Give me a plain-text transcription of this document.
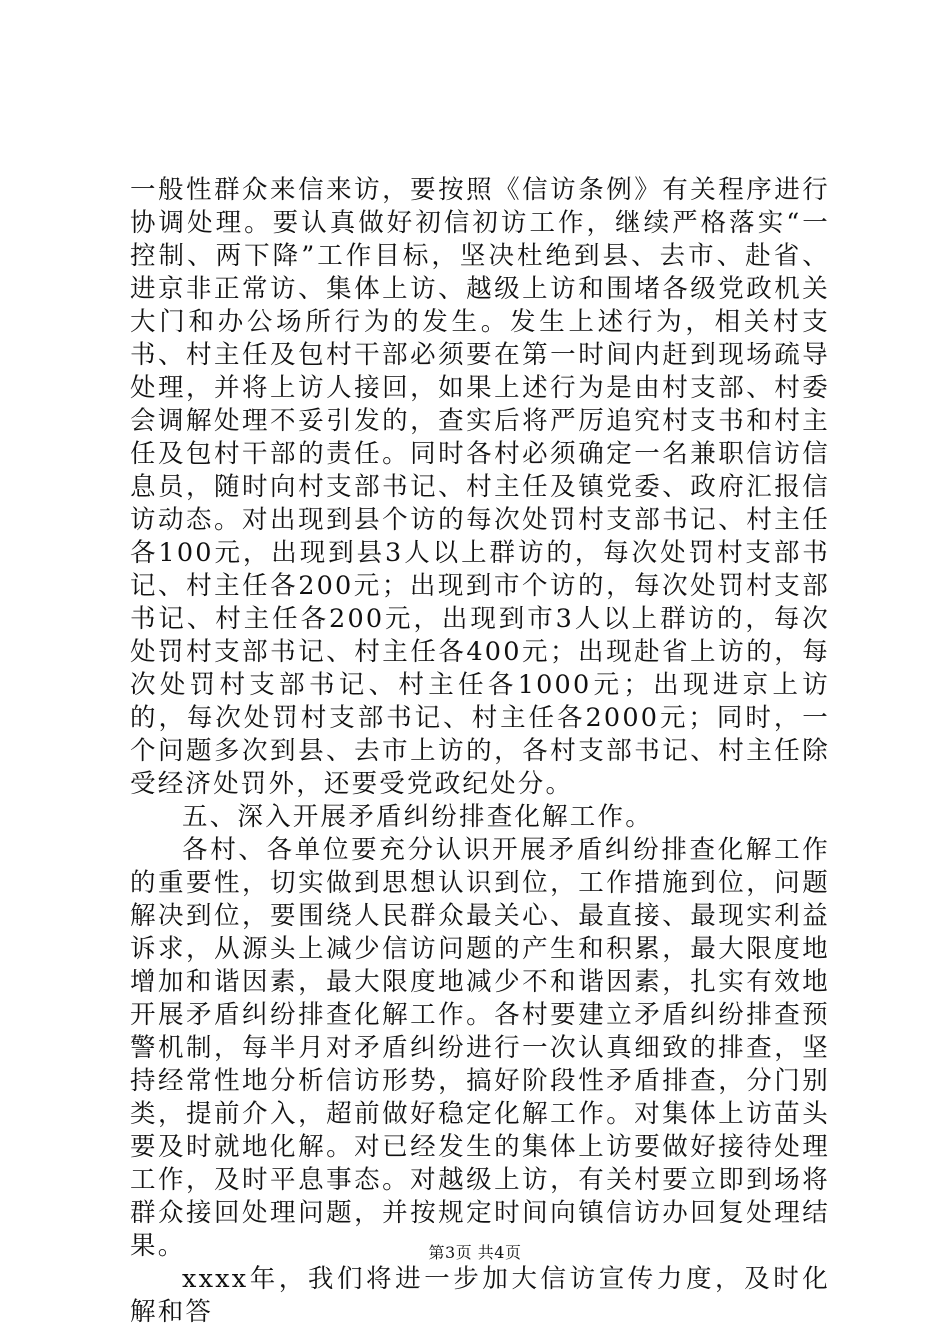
一般性群众来信来访，要按照《信访条例》有关程序进行协调处理。要认真做好初信初访工作，继续严格落实“一控制、两下降”工作目标，坚决杜绝到县、去市、赴省、进京非正常访、集体上访、越级上访和围堵各级党政机关大门和办公场所行为的发生。发生上述行为，相关村支书、村主任及包村干部必须要在第一时间内赶到现场疏导处理，并将上访人接回，如果上述行为是由村支部、村委会调解处理不妥引发的，查实后将严厉追究村支书和村主任及包村干部的责任。同时各村必须确定一名兼职信访信息员，随时向村支部书记、村主任及镇党委、政府汇报信访动态。对出现到县个访的每次处罚村支部书记、村主任各100元，出现到县3人以上群访的，每次处罚村支部书记、村主任各200元；出现到市个访的，每次处罚村支部书记、村主任各200元，出现到市3人以上群访的，每次处罚村支部书记、村主任各400元；出现赴省上访的，每次处罚村支部书记、村主任各1000元；出现进京上访的，每次处罚村支部书记、村主任各2000元；同时，一个问题多次到县、去市上访的，各村支部书记、村主任除受经济处罚外，还要受党政纪处分。

五、深入开展矛盾纠纷排查化解工作。

各村、各单位要充分认识开展矛盾纠纷排查化解工作的重要性，切实做到思想认识到位，工作措施到位，问题解决到位，要围绕人民群众最关心、最直接、最现实利益诉求，从源头上减少信访问题的产生和积累，最大限度地增加和谐因素，最大限度地减少不和谐因素，扎实有效地开展矛盾纠纷排查化解工作。各村要建立矛盾纠纷排查预警机制，每半月对矛盾纠纷进行一次认真细致的排查，坚持经常性地分析信访形势，搞好阶段性矛盾排查，分门别类，提前介入，超前做好稳定化解工作。对集体上访苗头要及时就地化解。对已经发生的集体上访要做好接待处理工作，及时平息事态。对越级上访，有关村要立即到场将群众接回处理问题，并按规定时间向镇信访办回复处理结果。

xxxx年，我们将进一步加大信访宣传力度，及时化解和答

第3页 共4页
